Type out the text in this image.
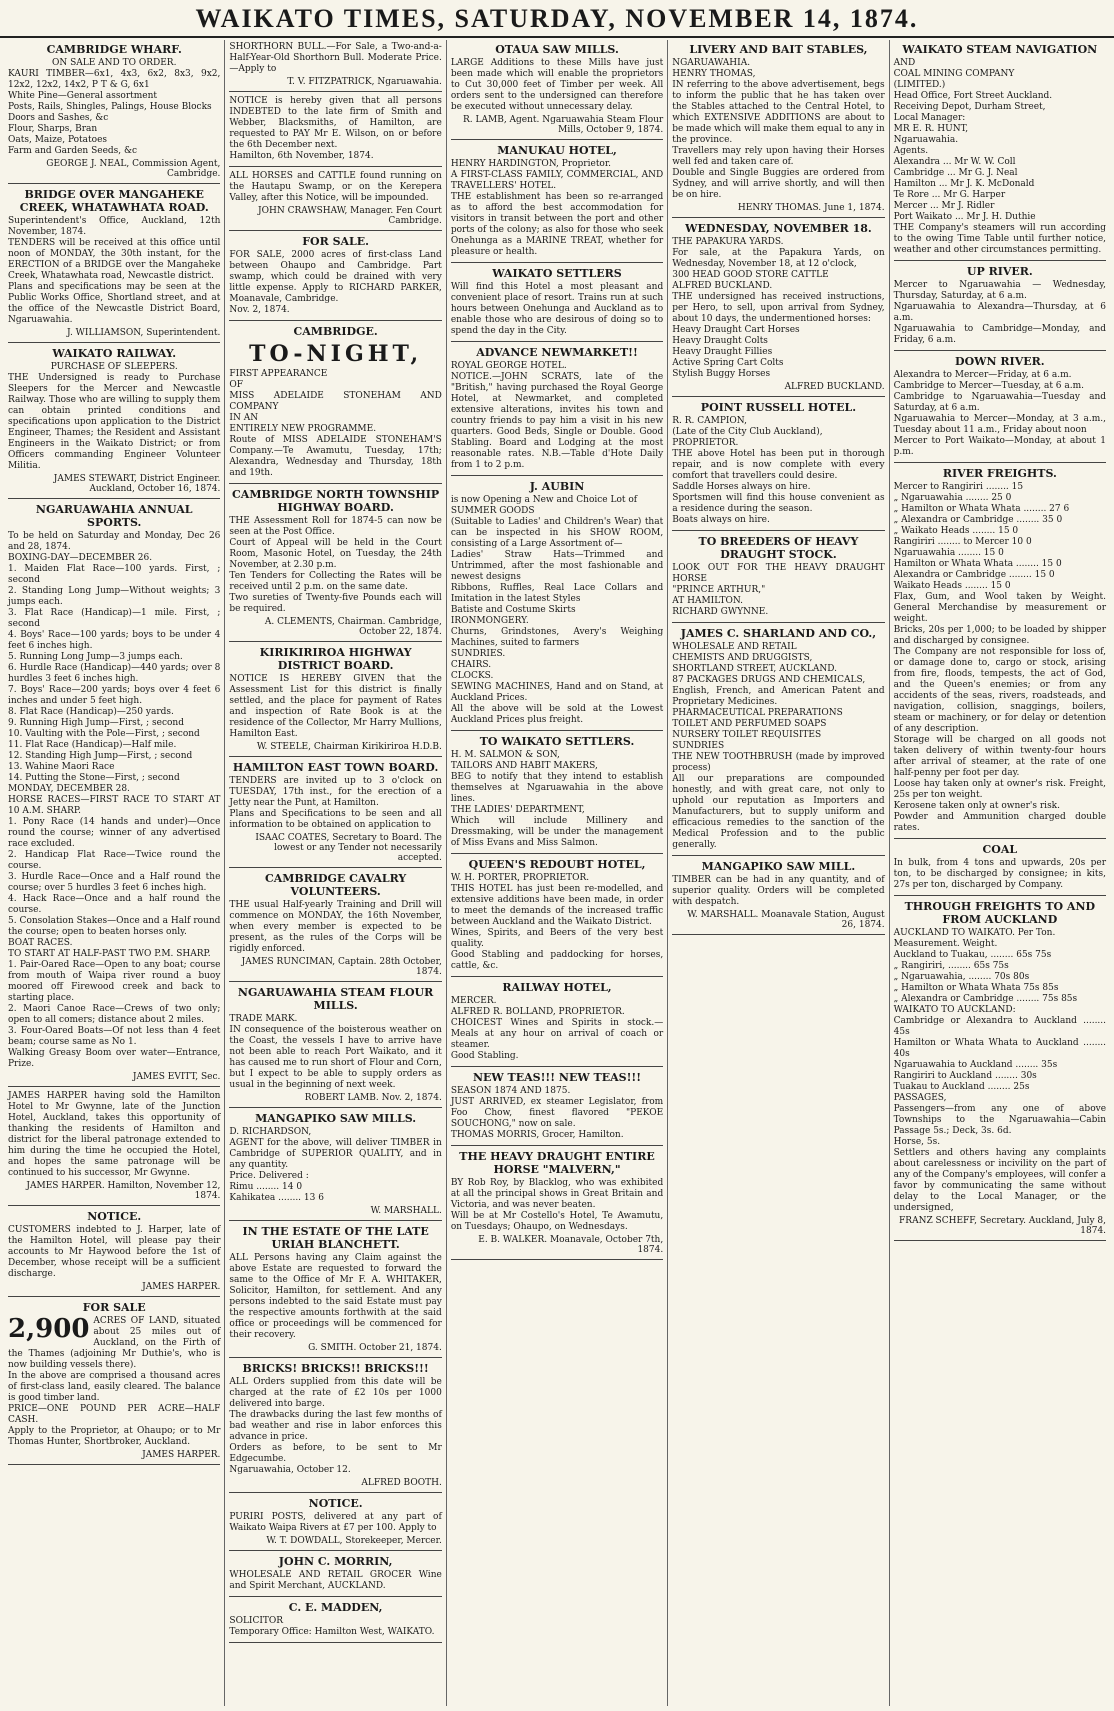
WAIKATO TIMES, SATURDAY, NOVEMBER 14, 1874.
CAMBRIDGE WHARF.
ON SALE AND TO ORDER.

KAURI TIMBER—6x1, 4x3, 6x2, 8x3, 9x2, 12x2, 12x2, 14x2, P T & G, 6x1

White Pine—General assortment

Posts, Rails, Shingles, Palings, House Blocks

Doors and Sashes, &c

Flour, Sharps, Bran

Oats, Maize, Potatoes

Farm and Garden Seeds, &c

GEORGE J. NEAL, Commission Agent, Cambridge.
BRIDGE OVER MANGAHEKE CREEK, WHATAWHATA ROAD.

Superintendent's Office, Auckland, 12th November, 1874.

TENDERS will be received at this office until noon of MONDAY, the 30th instant, for the ERECTION of a BRIDGE over the Mangaheke Creek, Whatawhata road, Newcastle district.

Plans and specifications may be seen at the Public Works Office, Shortland street, and at the office of the Newcastle District Board, Ngaruawahia.

J. WILLIAMSON, Superintendent.
WAIKATO RAILWAY.
PURCHASE OF SLEEPERS.

THE Undersigned is ready to Purchase Sleepers for the Mercer and Newcastle Railway. Those who are willing to supply them can obtain printed conditions and specifications upon application to the District Engineer, Thames; the Resident and Assistant Engineers in the Waikato District; or from Officers commanding Engineer Volunteer Militia.

JAMES STEWART, District Engineer. Auckland, October 16, 1874.
NGARUAWAHIA ANNUAL SPORTS.

To be held on Saturday and Monday, Dec 26 and 28, 1874.

BOXING-DAY—DECEMBER 26.

1. Maiden Flat Race—100 yards. First, ; second

2. Standing Long Jump—Without weights; 3 jumps each.

3. Flat Race (Handicap)—1 mile. First, ; second

4. Boys' Race—100 yards; boys to be under 4 feet 6 inches high.

5. Running Long Jump—3 jumps each.

6. Hurdle Race (Handicap)—440 yards; over 8 hurdles 3 feet 6 inches high.

7. Boys' Race—200 yards; boys over 4 feet 6 inches and under 5 feet high.

8. Flat Race (Handicap)—250 yards.

9. Running High Jump—First, ; second

10. Vaulting with the Pole—First, ; second

11. Flat Race (Handicap)—Half mile.

12. Standing High Jump—First, ; second

13. Wahine Maori Race

14. Putting the Stone—First, ; second

MONDAY, DECEMBER 28.

HORSE RACES—FIRST RACE TO START AT 10 A.M. SHARP.

1. Pony Race (14 hands and under)—Once round the course; winner of any advertised race excluded.

2. Handicap Flat Race—Twice round the course.

3. Hurdle Race—Once and a Half round the course; over 5 hurdles 3 feet 6 inches high.

4. Hack Race—Once and a half round the course.

5. Consolation Stakes—Once and a Half round the course; open to beaten horses only.

BOAT RACES.

TO START AT HALF-PAST TWO P.M. SHARP.

1. Pair-Oared Race—Open to any boat; course from mouth of Waipa river round a buoy moored off Firewood creek and back to starting place.

2. Maori Canoe Race—Crews of two only; open to all comers; distance about 2 miles.

3. Four-Oared Boats—Of not less than 4 feet beam; course same as No 1.

Walking Greasy Boom over water—Entrance, Prize.

JAMES EVITT, Sec.

JAMES HARPER having sold the Hamilton Hotel to Mr Gwynne, late of the Junction Hotel, Auckland, takes this opportunity of thanking the residents of Hamilton and district for the liberal patronage extended to him during the time he occupied the Hotel, and hopes the same patronage will be continued to his successor, Mr Gwynne.

JAMES HARPER. Hamilton, November 12, 1874.
NOTICE.

CUSTOMERS indebted to J. Harper, late of the Hamilton Hotel, will please pay their accounts to Mr Haywood before the 1st of December, whose receipt will be a sufficient discharge.

JAMES HARPER.
FOR SALE
2,900 ACRES OF LAND, situated about 25 miles out of Auckland, on the Firth of the Thames (adjoining Mr Duthie's, who is now building vessels there).

In the above are comprised a thousand acres of first-class land, easily cleared. The balance is good timber land.

PRICE—ONE POUND PER ACRE—HALF CASH.

Apply to the Proprietor, at Ohaupo; or to Mr Thomas Hunter, Shortbroker, Auckland.

JAMES HARPER.

SHORTHORN BULL.—For Sale, a Two-and-a-Half-Year-Old Shorthorn Bull. Moderate Price.—Apply to

T. V. FITZPATRICK, Ngaruawahia.

NOTICE is hereby given that all persons INDEBTED to the late firm of Smith and Webber, Blacksmiths, of Hamilton, are requested to PAY Mr E. Wilson, on or before the 6th December next.

Hamilton, 6th November, 1874.

ALL HORSES and CATTLE found running on the Hautapu Swamp, or on the Kerepera Valley, after this Notice, will be impounded.

JOHN CRAWSHAW, Manager. Fen Court Cambridge.
FOR SALE.

FOR SALE, 2000 acres of first-class Land between Ohaupo and Cambridge. Part swamp, which could be drained with very little expense. Apply to RICHARD PARKER, Moanavale, Cambridge.

Nov. 2, 1874.

CAMBRIDGE.
TO-NIGHT,

FIRST APPEARANCE

OF

MISS ADELAIDE STONEHAM AND COMPANY

IN AN

ENTIRELY NEW PROGRAMME.

Route of MISS ADELAIDE STONEHAM'S Company.—Te Awamutu, Tuesday, 17th; Alexandra, Wednesday and Thursday, 18th and 19th.

CAMBRIDGE NORTH TOWNSHIP HIGHWAY BOARD.

THE Assessment Roll for 1874-5 can now be seen at the Post Office.

Court of Appeal will be held in the Court Room, Masonic Hotel, on Tuesday, the 24th November, at 2.30 p.m.

Ten Tenders for Collecting the Rates will be received until 2 p.m. on the same date.

Two sureties of Twenty-five Pounds each will be required.

A. CLEMENTS, Chairman. Cambridge, October 22, 1874.
KIRIKIRIROA HIGHWAY DISTRICT BOARD.

NOTICE IS HEREBY GIVEN that the Assessment List for this district is finally settled, and the place for payment of Rates and inspection of Rate Book is at the residence of the Collector, Mr Harry Mullions, Hamilton East.

W. STEELE, Chairman Kirikiriroa H.D.B.
HAMILTON EAST TOWN BOARD.

TENDERS are invited up to 3 o'clock on TUESDAY, 17th inst., for the erection of a Jetty near the Punt, at Hamilton.

Plans and Specifications to be seen and all information to be obtained on application to

ISAAC COATES, Secretary to Board. The lowest or any Tender not necessarily accepted.
CAMBRIDGE CAVALRY VOLUNTEERS.

THE usual Half-yearly Training and Drill will commence on MONDAY, the 16th November, when every member is expected to be present, as the rules of the Corps will be rigidly enforced.

JAMES RUNCIMAN, Captain. 28th October, 1874.
NGARUAWAHIA STEAM FLOUR MILLS.

TRADE MARK.

IN consequence of the boisterous weather on the Coast, the vessels I have to arrive have not been able to reach Port Waikato, and it has caused me to run short of Flour and Corn, but I expect to be able to supply orders as usual in the beginning of next week.

ROBERT LAMB. Nov. 2, 1874.
MANGAPIKO SAW MILLS.

D. RICHARDSON,

AGENT for the above, will deliver TIMBER in Cambridge of SUPERIOR QUALITY, and in any quantity.

Price. Delivered :

Rimu ........ 14 0

Kahikatea ........ 13 6

W. MARSHALL.
IN THE ESTATE OF THE LATE URIAH BLANCHETT.

ALL Persons having any Claim against the above Estate are requested to forward the same to the Office of Mr F. A. WHITAKER, Solicitor, Hamilton, for settlement. And any persons indebted to the said Estate must pay the respective amounts forthwith at the said office or proceedings will be commenced for their recovery.

G. SMITH. October 21, 1874.
BRICKS! BRICKS!! BRICKS!!!

ALL Orders supplied from this date will be charged at the rate of £2 10s per 1000 delivered into barge.

The drawbacks during the last few months of bad weather and rise in labor enforces this advance in price.

Orders as before, to be sent to Mr Edgecumbe.

Ngaruawahia, October 12.

ALFRED BOOTH.
NOTICE.

PURIRI POSTS, delivered at any part of Waikato Waipa Rivers at £7 per 100. Apply to

W. T. DOWDALL, Storekeeper, Mercer.
JOHN C. MORRIN,

WHOLESALE AND RETAIL GROCER Wine and Spirit Merchant, AUCKLAND.

C. E. MADDEN,

SOLICITOR

Temporary Office: Hamilton West, WAIKATO.

OTAUA SAW MILLS.

LARGE Additions to these Mills have just been made which will enable the proprietors to Cut 30,000 feet of Timber per week. All orders sent to the undersigned can therefore be executed without unnecessary delay.

R. LAMB, Agent. Ngaruawahia Steam Flour Mills, October 9, 1874.
MANUKAU HOTEL,

HENRY HARDINGTON, Proprietor.

A FIRST-CLASS FAMILY, COMMERCIAL, AND TRAVELLERS' HOTEL.

THE establishment has been so re-arranged as to afford the best accommodation for visitors in transit between the port and other ports of the colony; as also for those who seek Onehunga as a MARINE TREAT, whether for pleasure or health.

WAIKATO SETTLERS

Will find this Hotel a most pleasant and convenient place of resort. Trains run at such hours between Onehunga and Auckland as to enable those who are desirous of doing so to spend the day in the City.

ADVANCE NEWMARKET!!

ROYAL GEORGE HOTEL.

NOTICE.—JOHN SCRATS, late of the "British," having purchased the Royal George Hotel, at Newmarket, and completed extensive alterations, invites his town and country friends to pay him a visit in his new quarters. Good Beds, Single or Double. Good Stabling. Board and Lodging at the most reasonable rates. N.B.—Table d'Hote Daily from 1 to 2 p.m.

J. AUBIN

is now Opening a New and Choice Lot of

SUMMER GOODS

(Suitable to Ladies' and Children's Wear) that can be inspected in his SHOW ROOM, consisting of a Large Assortment of—

Ladies' Straw Hats—Trimmed and Untrimmed, after the most fashionable and newest designs

Ribbons, Ruffles, Real Lace Collars and Imitation in the latest Styles

Batiste and Costume Skirts

IRONMONGERY.

Churns, Grindstones, Avery's Weighing Machines, suited to farmers

SUNDRIES.

CHAIRS.

CLOCKS.

SEWING MACHINES, Hand and on Stand, at Auckland Prices.

All the above will be sold at the Lowest Auckland Prices plus freight.

TO WAIKATO SETTLERS.

H. M. SALMON & SON,

TAILORS AND HABIT MAKERS,

BEG to notify that they intend to establish themselves at Ngaruawahia in the above lines.

THE LADIES' DEPARTMENT,

Which will include Millinery and Dressmaking, will be under the management of Miss Evans and Miss Salmon.

QUEEN'S REDOUBT HOTEL,

W. H. PORTER, PROPRIETOR.

THIS HOTEL has just been re-modelled, and extensive additions have been made, in order to meet the demands of the increased traffic between Auckland and the Waikato District.

Wines, Spirits, and Beers of the very best quality.

Good Stabling and paddocking for horses, cattle, &c.

RAILWAY HOTEL,

MERCER.

ALFRED R. BOLLAND, PROPRIETOR.

CHOICEST Wines and Spirits in stock.—Meals at any hour on arrival of coach or steamer.

Good Stabling.

NEW TEAS!!! NEW TEAS!!!

SEASON 1874 AND 1875.

JUST ARRIVED, ex steamer Legislator, from Foo Chow, finest flavored "PEKOE SOUCHONG," now on sale.

THOMAS MORRIS, Grocer, Hamilton.

THE HEAVY DRAUGHT ENTIRE HORSE "MALVERN,"

BY Rob Roy, by Blacklog, who was exhibited at all the principal shows in Great Britain and Victoria, and was never beaten.

Will be at Mr Costello's Hotel, Te Awamutu, on Tuesdays; Ohaupo, on Wednesdays.

E. B. WALKER. Moanavale, October 7th, 1874.
LIVERY AND BAIT STABLES,

NGARUAWAHIA.

HENRY THOMAS,

IN referring to the above advertisement, begs to inform the public that he has taken over the Stables attached to the Central Hotel, to which EXTENSIVE ADDITIONS are about to be made which will make them equal to any in the province.

Travellers may rely upon having their Horses well fed and taken care of.

Double and Single Buggies are ordered from Sydney, and will arrive shortly, and will then be on hire.

HENRY THOMAS. June 1, 1874.
WEDNESDAY, NOVEMBER 18.

THE PAPAKURA YARDS.

For sale, at the Papakura Yards, on Wednesday, November 18, at 12 o'clock,

300 HEAD GOOD STORE CATTLE

ALFRED BUCKLAND.

THE undersigned has received instructions, per Hero, to sell, upon arrival from Sydney, about 10 days, the undermentioned horses:

Heavy Draught Cart Horses

Heavy Draught Colts

Heavy Draught Fillies

Active Spring Cart Colts

Stylish Buggy Horses

ALFRED BUCKLAND.
POINT RUSSELL HOTEL.

R. R. CAMPION,

(Late of the City Club Auckland),

PROPRIETOR.

THE above Hotel has been put in thorough repair, and is now complete with every comfort that travellers could desire.

Saddle Horses always on hire.

Sportsmen will find this house convenient as a residence during the season.

Boats always on hire.

TO BREEDERS OF HEAVY DRAUGHT STOCK.

LOOK OUT FOR THE HEAVY DRAUGHT HORSE

"PRINCE ARTHUR,"

AT HAMILTON.

RICHARD GWYNNE.

JAMES C. SHARLAND AND CO.,

WHOLESALE AND RETAIL

CHEMISTS AND DRUGGISTS,

SHORTLAND STREET, AUCKLAND.

87 PACKAGES DRUGS AND CHEMICALS,

English, French, and American Patent and Proprietary Medicines.

PHARMACEUTICAL PREPARATIONS

TOILET AND PERFUMED SOAPS

NURSERY TOILET REQUISITES

SUNDRIES

THE NEW TOOTHBRUSH (made by improved process)

All our preparations are compounded honestly, and with great care, not only to uphold our reputation as Importers and Manufacturers, but to supply uniform and efficacious remedies to the sanction of the Medical Profession and to the public generally.

MANGAPIKO SAW MILL.

TIMBER can be had in any quantity, and of superior quality. Orders will be completed with despatch.

W. MARSHALL. Moanavale Station, August 26, 1874.
WAIKATO STEAM NAVIGATION

AND

COAL MINING COMPANY

(LIMITED.)

Head Office, Fort Street Auckland.

Receiving Depot, Durham Street,

Local Manager:

MR E. R. HUNT,

Ngaruawahia.

Agents.

Alexandra ... Mr W. W. Coll

Cambridge ... Mr G. J. Neal

Hamilton ... Mr J. K. McDonald

Te Rore ... Mr G. Harper

Mercer ... Mr J. Ridler

Port Waikato ... Mr J. H. Duthie

THE Company's steamers will run according to the owing Time Table until further notice, weather and other circumstances permitting.

UP RIVER.

Mercer to Ngaruawahia — Wednesday, Thursday, Saturday, at 6 a.m.

Ngaruawahia to Alexandra—Thursday, at 6 a.m.

Ngaruawahia to Cambridge—Monday, and Friday, 6 a.m.

DOWN RIVER.

Alexandra to Mercer—Friday, at 6 a.m.

Cambridge to Mercer—Tuesday, at 6 a.m.

Cambridge to Ngaruawahia—Tuesday and Saturday, at 6 a.m.

Ngaruawahia to Mercer—Monday, at 3 a.m., Tuesday about 11 a.m., Friday about noon

Mercer to Port Waikato—Monday, at about 1 p.m.

RIVER FREIGHTS.

Mercer to Rangiriri ........ 15

„ Ngaruawahia ........ 25 0

„ Hamilton or Whata Whata ........ 27 6

„ Alexandra or Cambridge ........ 35 0

„ Waikato Heads ........ 15 0

Rangiriri ........ to Mercer 10 0

Ngaruawahia ........ 15 0

Hamilton or Whata Whata ........ 15 0

Alexandra or Cambridge ........ 15 0

Waikato Heads ........ 15 0

Flax, Gum, and Wool taken by Weight. General Merchandise by measurement or weight.

Bricks, 20s per 1,000; to be loaded by shipper and discharged by consignee.

The Company are not responsible for loss of, or damage done to, cargo or stock, arising from fire, floods, tempests, the act of God, and the Queen's enemies; or from any accidents of the seas, rivers, roadsteads, and navigation, collision, snaggings, boilers, steam or machinery, or for delay or detention of any description.

Storage will be charged on all goods not taken delivery of within twenty-four hours after arrival of steamer, at the rate of one half-penny per foot per day.

Loose hay taken only at owner's risk. Freight, 25s per ton weight.

Kerosene taken only at owner's risk.

Powder and Ammunition charged double rates.

COAL

In bulk, from 4 tons and upwards, 20s per ton, to be discharged by consignee; in kits, 27s per ton, discharged by Company.

THROUGH FREIGHTS TO AND FROM AUCKLAND

AUCKLAND TO WAIKATO. Per Ton.

Measurement. Weight.

Auckland to Tuakau, ........ 65s 75s

„ Rangiriri, ........ 65s 75s

„ Ngaruawahia, ........ 70s 80s

„ Hamilton or Whata Whata 75s 85s

„ Alexandra or Cambridge ........ 75s 85s

WAIKATO TO AUCKLAND:

Cambridge or Alexandra to Auckland ........ 45s

Hamilton or Whata Whata to Auckland ........ 40s

Ngaruawahia to Auckland ........ 35s

Rangiriri to Auckland ........ 30s

Tuakau to Auckland ........ 25s

PASSAGES,

Passengers—from any one of above Townships to the Ngaruawahia—Cabin Passage 5s.; Deck, 3s. 6d.

Horse, 5s.

Settlers and others having any complaints about carelessness or incivility on the part of any of the Company's employees, will confer a favor by communicating the same without delay to the Local Manager, or the undersigned,

FRANZ SCHEFF, Secretary. Auckland, July 8, 1874.
